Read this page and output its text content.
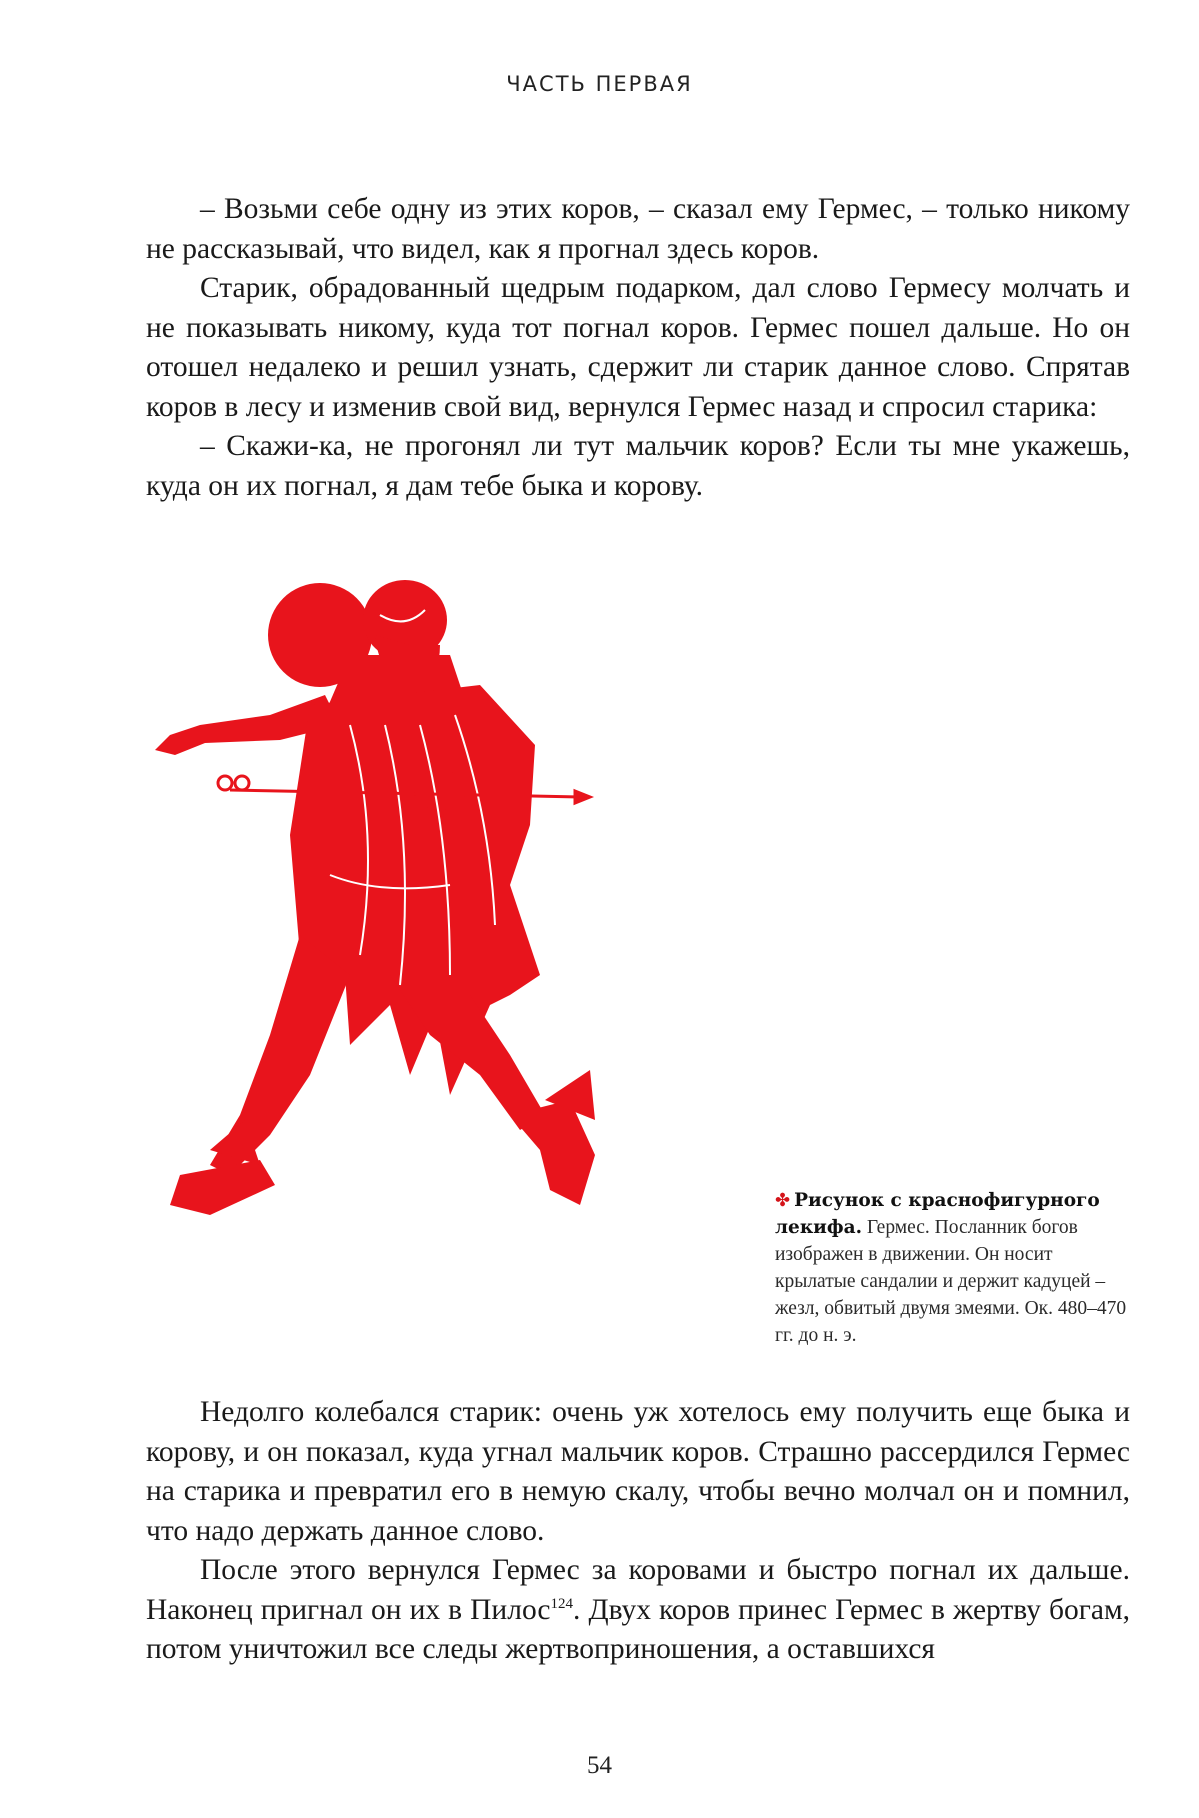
ЧАСТЬ ПЕРВАЯ

– Возьми себе одну из этих коров, – сказал ему Гермес, – только никому не рассказывай, что видел, как я прогнал здесь коров.

Старик, обрадованный щедрым подарком, дал слово Гермесу молчать и не показывать никому, куда тот погнал коров. Гермес пошел дальше. Но он отошел недалеко и решил узнать, сдержит ли старик данное слово. Спрятав коров в лесу и изменив свой вид, вернулся Гермес назад и спросил старика:

– Скажи-ка, не прогонял ли тут мальчик коров? Если ты мне укажешь, куда он их погнал, я дам тебе быка и корову.

✤ Рисунок с краснофигурного лекифа. Гермес. Посланник богов изображен в движении. Он носит крылатые сандалии и держит кадуцей – жезл, обвитый двумя змеями. Ок. 480–470 гг. до н. э.

Недолго колебался старик: очень уж хотелось ему получить еще быка и корову, и он показал, куда угнал мальчик коров. Страшно рассердился Гермес на старика и превратил его в немую скалу, чтобы вечно молчал он и помнил, что надо держать данное слово.

После этого вернулся Гермес за коровами и быстро погнал их дальше. Наконец пригнал он их в Пилос$^{124}$. Двух коров принес Гермес в жертву богам, потом уничтожил все следы жертвоприношения, а оставшихся

54
